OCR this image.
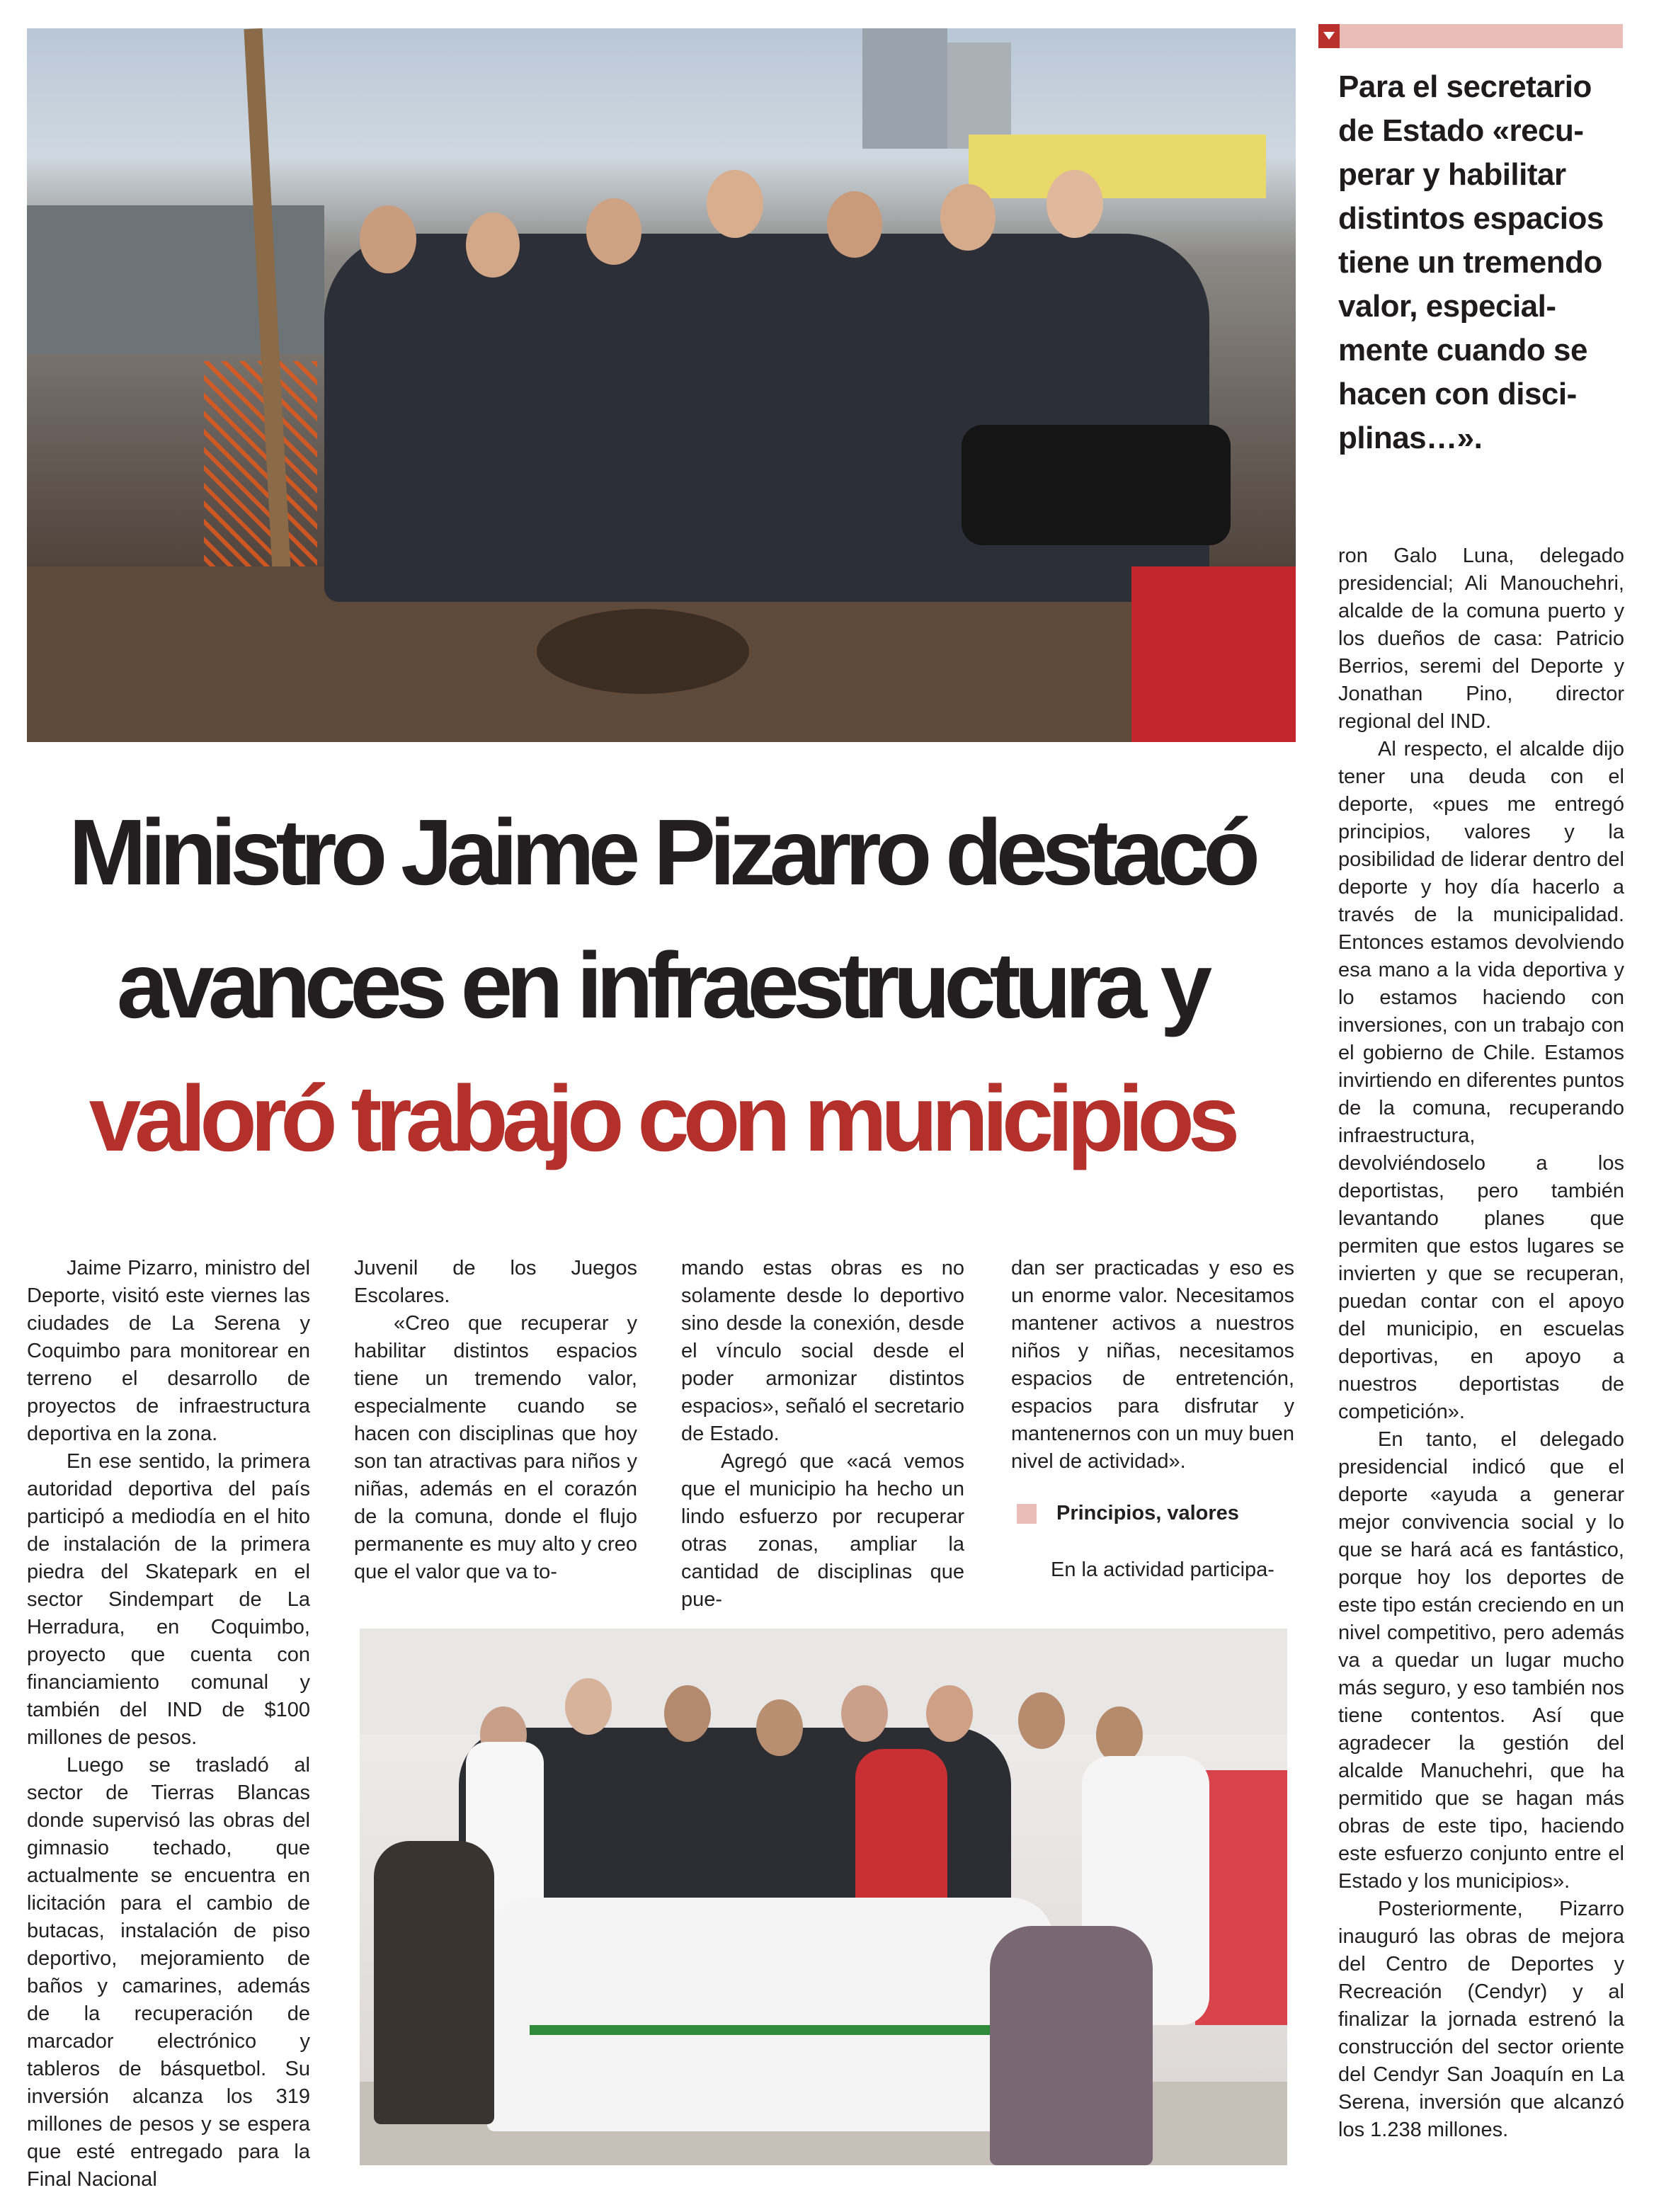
Para el secretario
de Estado «recu-
perar y habilitar
distintos espacios
tiene un tremendo
valor, especial-
mente cuando se
hacen con disci-
plinas…».
Ministro Jaime Pizarro destacó
avances en infraestructura y
valoró trabajo con municipios

Jaime Pizarro, ministro del Deporte, visitó este viernes las ciudades de La Serena y Coquimbo para monitorear en terreno el desarrollo de proyectos de infraestructura deportiva en la zona.

En ese sentido, la primera autoridad deportiva del país participó a mediodía en el hito de instalación de la primera piedra del Skatepark en el sector Sindempart de La Herradura, en Coquimbo, proyecto que cuenta con financiamiento comunal y también del IND de $100 millones de pesos.

Luego se trasladó al sector de Tierras Blancas donde supervisó las obras del gimnasio techado, que actualmente se encuentra en licitación para el cambio de butacas, instalación de piso deportivo, mejoramiento de baños y camarines, además de la recuperación de marcador electrónico y tableros de básquetbol. Su inversión alcanza los 319 millones de pesos y se espera que esté entregado para la Final Nacional

Juvenil de los Juegos Escolares.

«Creo que recuperar y habilitar distintos espacios tiene un tremendo valor, especialmente cuando se hacen con disciplinas que hoy son tan atractivas para niños y niñas, además en el corazón de la comuna, donde el flujo permanente es muy alto y creo que el valor que va to-

mando estas obras es no solamente desde lo deportivo sino desde la conexión, desde el vínculo social desde el poder armonizar distintos espacios», señaló el secretario de Estado.

Agregó que «acá vemos que el municipio ha hecho un lindo esfuerzo por recuperar otras zonas, ampliar la cantidad de disciplinas que pue-

dan ser practicadas y eso es un enorme valor. Necesitamos mantener activos a nuestros niños y niñas, necesitamos espacios de entretención, espacios para disfrutar y mantenernos con un muy buen nivel de actividad».

Principios, valores

En la actividad participa-

ron Galo Luna, delegado presidencial; Ali Manouchehri, alcalde de la comuna puerto y los dueños de casa: Patricio Berrios, seremi del Deporte y Jonathan Pino, director regional del IND.

Al respecto, el alcalde dijo tener una deuda con el deporte, «pues me entregó principios, valores y la posibilidad de liderar dentro del deporte y hoy día hacerlo a través de la municipalidad. Entonces estamos devolviendo esa mano a la vida deportiva y lo estamos haciendo con inversiones, con un trabajo con el gobierno de Chile. Estamos invirtiendo en diferentes puntos de la comuna, recuperando infraestructura, devolviéndoselo a los deportistas, pero también levantando planes que permiten que estos lugares se invierten y que se recuperan, puedan contar con el apoyo del municipio, en escuelas deportivas, en apoyo a nuestros deportistas de competición».

En tanto, el delegado presidencial indicó que el deporte «ayuda a generar mejor convivencia social y lo que se hará acá es fantástico, porque hoy los deportes de este tipo están creciendo en un nivel competitivo, pero además va a quedar un lugar mucho más seguro, y eso también nos tiene contentos. Así que agradecer la gestión del alcalde Manuchehri, que ha permitido que se hagan más obras de este tipo, haciendo este esfuerzo conjunto entre el Estado y los municipios».

Posteriormente, Pizarro inauguró las obras de mejora del Centro de Deportes y Recreación (Cendyr) y al finalizar la jornada estrenó la construcción del sector oriente del Cendyr San Joaquín en La Serena, inversión que alcanzó los 1.238 millones.
